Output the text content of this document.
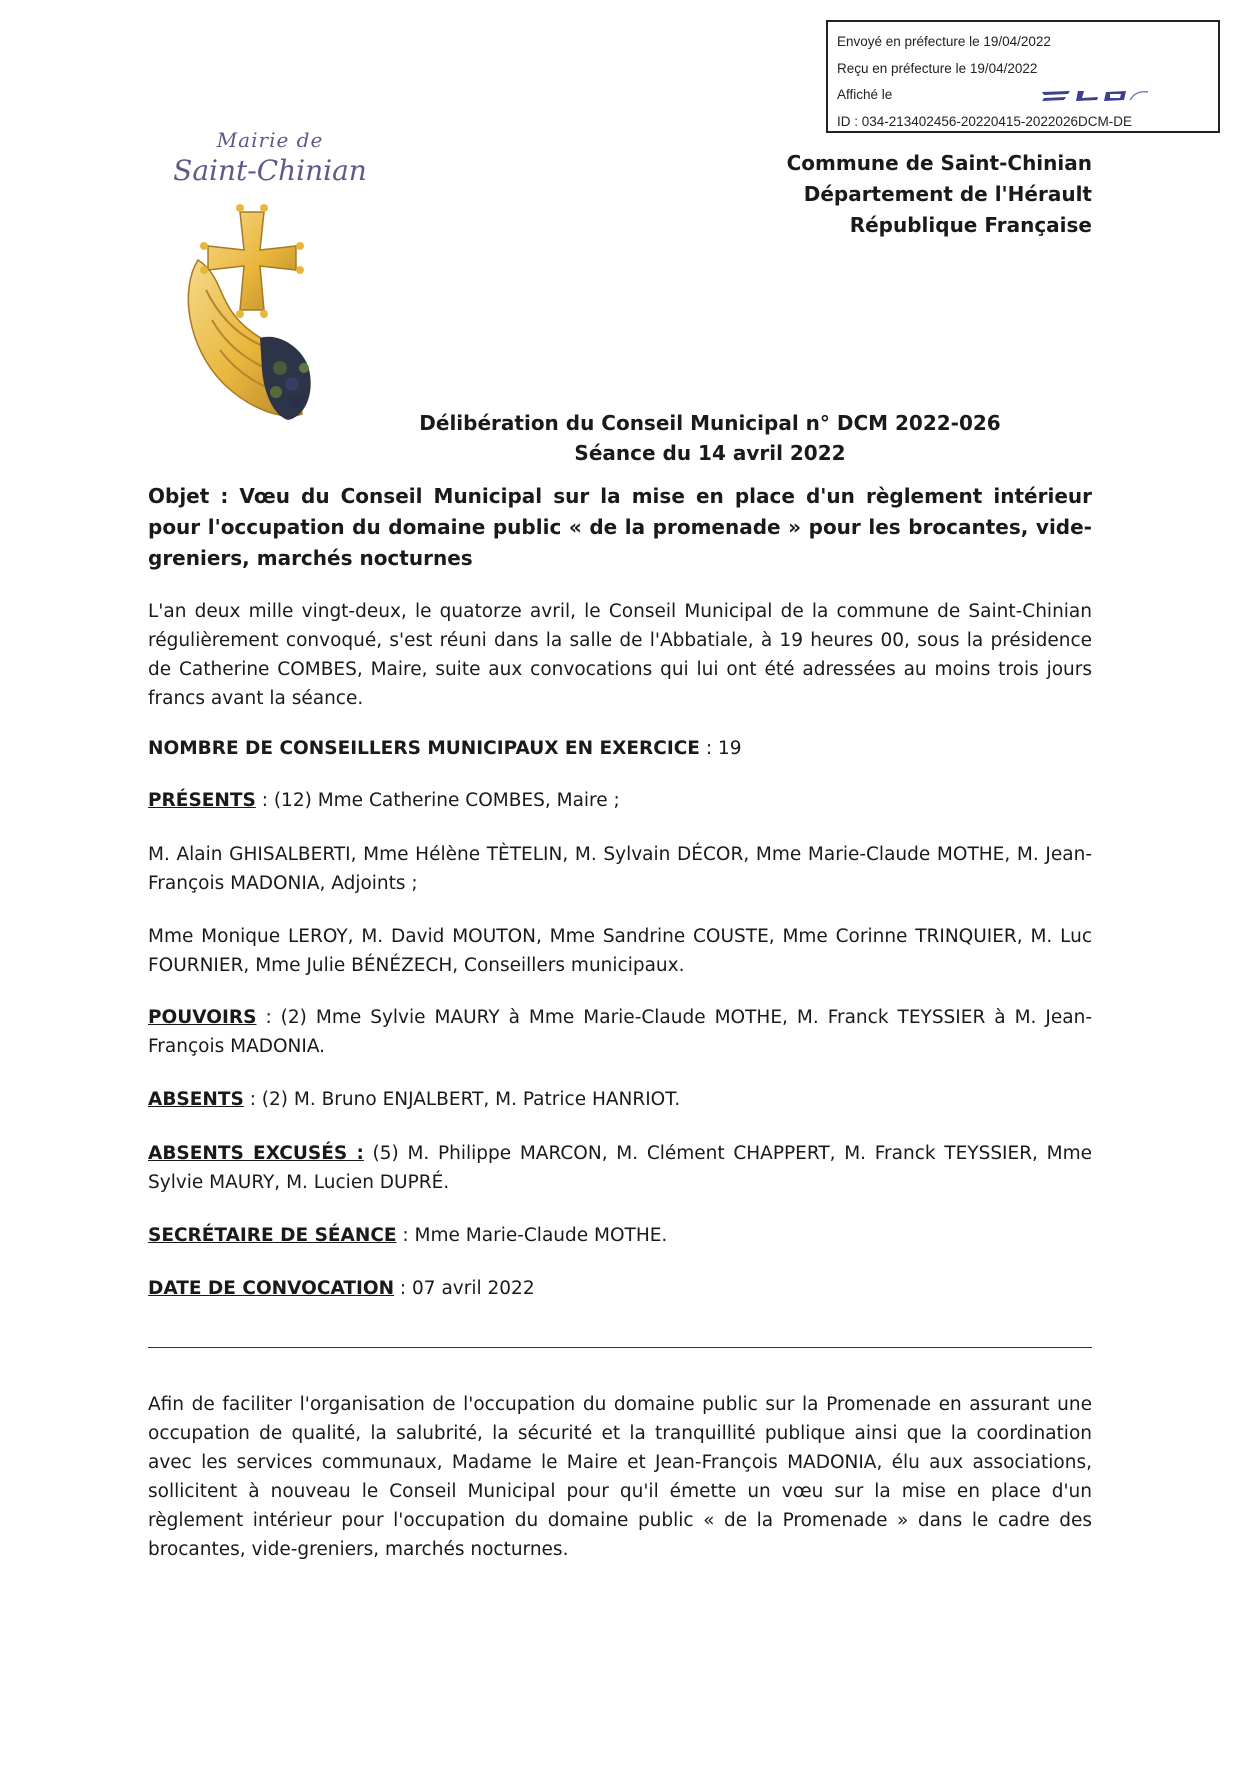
Envoyé en préfecture le 19/04/2022
Reçu en préfecture le 19/04/2022
Affiché le
ID : 034-213402456-20220415-2022026DCM-DE
Mairie de
Saint-Chinian	Commune de Saint-Chinian
Département de l'Hérault
République Française
Délibération du Conseil Municipal n° DCM 2022-026
Séance du 14 avril 2022
Objet : Vœu du Conseil Municipal sur la mise en place d'un règlement intérieur pour l'occupation du domaine public « de la promenade » pour les brocantes, vide-greniers, marchés nocturnes

L'an deux mille vingt-deux, le quatorze avril, le Conseil Municipal de la commune de Saint-Chinian régulièrement convoqué, s'est réuni dans la salle de l'Abbatiale, à 19 heures 00, sous la présidence de Catherine COMBES, Maire, suite aux convocations qui lui ont été adressées au moins trois jours francs avant la séance.

NOMBRE DE CONSEILLERS MUNICIPAUX EN EXERCICE : 19

PRÉSENTS : (12) Mme Catherine COMBES, Maire ;

M. Alain GHISALBERTI, Mme Hélène TÈTELIN, M. Sylvain DÉCOR, Mme Marie-Claude MOTHE, M. Jean-François MADONIA, Adjoints ;

Mme Monique LEROY, M. David MOUTON, Mme Sandrine COUSTE, Mme Corinne TRINQUIER, M. Luc FOURNIER, Mme Julie BÉNÉZECH, Conseillers municipaux.

POUVOIRS : (2) Mme Sylvie MAURY à Mme Marie-Claude MOTHE, M. Franck TEYSSIER à M. Jean-François MADONIA.

ABSENTS : (2) M. Bruno ENJALBERT, M. Patrice HANRIOT.

ABSENTS EXCUSÉS : (5) M. Philippe MARCON, M. Clément CHAPPERT, M. Franck TEYSSIER, Mme Sylvie MAURY, M. Lucien DUPRÉ.

SECRÉTAIRE DE SÉANCE : Mme Marie-Claude MOTHE.

DATE DE CONVOCATION : 07 avril 2022

Afin de faciliter l'organisation de l'occupation du domaine public sur la Promenade en assurant une occupation de qualité, la salubrité, la sécurité et la tranquillité publique ainsi que la coordination avec les services communaux, Madame le Maire et Jean-François MADONIA, élu aux associations, sollicitent à nouveau le Conseil Municipal pour qu'il émette un vœu sur la mise en place d'un règlement intérieur pour l'occupation du domaine public « de la Promenade » dans le cadre des brocantes, vide-greniers, marchés nocturnes.
